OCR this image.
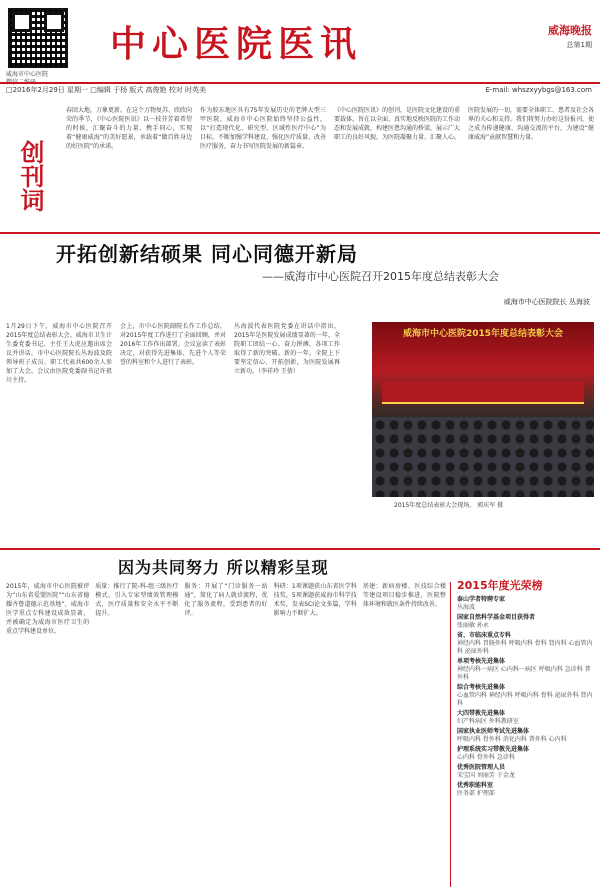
威海市中心医院
微信二维码
中心医院医讯	威海晚报
总第1期
□2016年2月29日 星期一 □编辑 于杨 版式 高俊艳 校对 时英美	E-mail: whszxyybgs@163.com
创刊词
春回大地，万象更新。在这个万物复苏、欣欣向荣的季节，《中心医院医讯》以一枝芬芳着希望的时候，汇聚奋斗的力量、携手同心，实现着“健康威海”的美好愿景，承载着“做百姓身边的好医院”的承诺。
作为胶东地区具有75年发展历史的老牌大型三甲医院，威海市中心医院始终坚持公益性，以“打造现代化、研究型、区域性医疗中心”为目标，不断加强学科建设、强化医疗质量、改善医疗服务，奋力书写医院发展的新篇章。
《中心医院医讯》的创刊，是医院文化建设的重要载体，旨在以全面、真实地反映医院的工作动态和发展成就，构建医患沟通的桥梁，展示广大职工的良好风貌，为医院凝聚力量、汇聚人心。
医院发展的一切，需要全体职工、患者及社会各界的关心和支持。我们将努力办好这份报刊，使之成为传递健康、沟通交流的平台，为建设“健康威海”贡献智慧和力量。
威海市中心医院院长 丛海波
开拓创新结硕果 同心同德开新局
——威海市中心医院召开2015年度总结表彰大会
1月29日下午，威海市中心医院召开2015年度总结表彰大会。威海市卫生计生委党委书记、主任王大虎应邀出席会议并讲话，市中心医院院长丛海波及院领导班子成员、职工代表共600余人参加了大会。会议由医院党委副书记许祖川主持。
会上，市中心医院副院长作工作总结，对2015年度工作进行了全面回顾，并对2016年工作作出部署。会议宣读了表彰决定，对获得先进集体、先进个人等荣誉的科室和个人进行了表彰。
丛海波代表医院党委在讲话中指出，2015年是医院发展成绩显著的一年，全院职工团结一心、奋力拼搏，各项工作取得了新的突破。新的一年，全院上下要坚定信心、开拓创新，为医院发展再立新功。（李祥玲 王倩）
威海市中心医院2015年度总结表彰大会
2015年度总结表彰大会现场。 郭庆军 摄
因为共同努力 所以精彩呈现
2015年，威海市中心医院被评为“山东省爱婴医院”“山东省德耀齐鲁道德示范基地”，威海市医学重点专科建设成效显著，并被确定为威海市医疗卫生的重点学科建设单位。
质量：推行了院-科-组三级医疗模式，引入专家型绩效管理模式，医疗质量和安全水平不断提升。
服务：开展了“门诊服务一站通”，简化了病人就诊流程，优化了服务流程，受到患者的好评。
科研：1项课题获山东省医学科技奖，5项课题获威海市科学技术奖，发表SCI论文多篇，学科影响力不断扩大。
基建：新病房楼、医技综合楼等建设项目稳步推进，医院整体环境和就医条件持续改善。
2015年度光荣榜
泰山学者特聘专家
丛海波
国家自然科学基金项目获得者
张丽敏 孙永
省、市临床重点专科
神经内科 胃肠外科 呼吸内科 骨科 肾内科 心血管内科 泌尿外科
单项考核先进集体
神经内科一病区 心内科一病区 呼吸内科 急诊科 普外科
综合考核先进集体
心血管内科 神经内科 呼吸内科 骨科 泌尿外科 肾内科
大四带教先进集体
妇产科病区 外科教研室
国家执业医师考试先进集体
呼吸内科 骨外科 消化内科 普外科 心内科
护理系统实习带教先进集体
心内科 骨外科 急诊科
优秀医院管理人员
宋宝国 刘丽芳 于金龙
优秀职能科室
医务部 护理部
